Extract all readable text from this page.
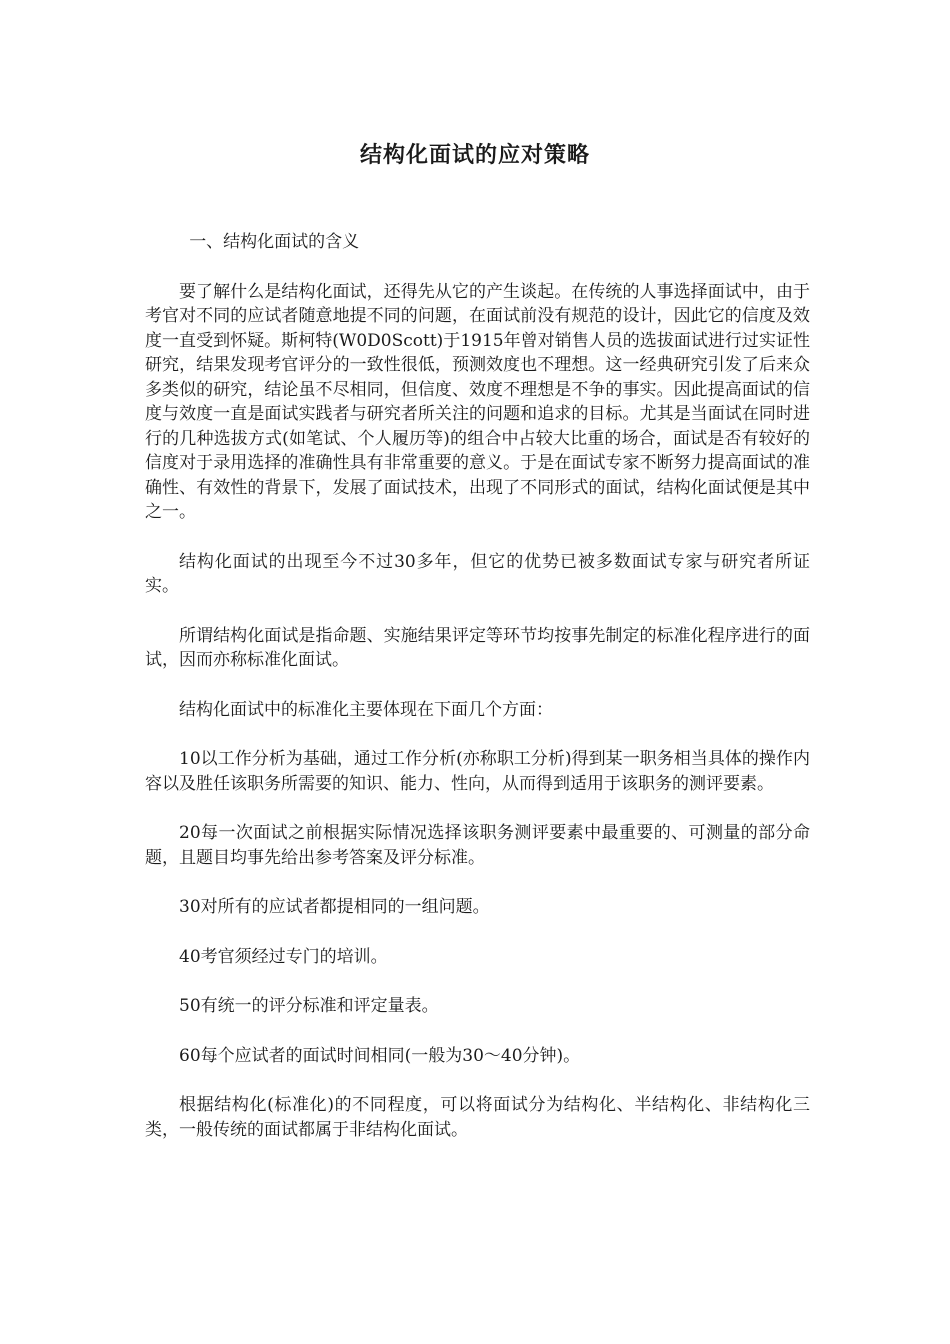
结构化面试的应对策略

一、结构化面试的含义

要了解什么是结构化面试，还得先从它的产生谈起。在传统的人事选择面试中，由于考官对不同的应试者随意地提不同的问题，在面试前没有规范的设计，因此它的信度及效度一直受到怀疑。斯柯特(W0D0Scott)于1915年曾对销售人员的选拔面试进行过实证性研究，结果发现考官评分的一致性很低，预测效度也不理想。这一经典研究引发了后来众多类似的研究，结论虽不尽相同，但信度、效度不理想是不争的事实。因此提高面试的信度与效度一直是面试实践者与研究者所关注的问题和追求的目标。尤其是当面试在同时进行的几种选拔方式(如笔试、个人履历等)的组合中占较大比重的场合，面试是否有较好的信度对于录用选择的准确性具有非常重要的意义。于是在面试专家不断努力提高面试的准确性、有效性的背景下，发展了面试技术，出现了不同形式的面试，结构化面试便是其中之一。

结构化面试的出现至今不过30多年，但它的优势已被多数面试专家与研究者所证实。

所谓结构化面试是指命题、实施结果评定等环节均按事先制定的标准化程序进行的面试，因而亦称标准化面试。

结构化面试中的标准化主要体现在下面几个方面：

10以工作分析为基础，通过工作分析(亦称职工分析)得到某一职务相当具体的操作内容以及胜任该职务所需要的知识、能力、性向，从而得到适用于该职务的测评要素。

20每一次面试之前根据实际情况选择该职务测评要素中最重要的、可测量的部分命题，且题目均事先给出参考答案及评分标准。

30对所有的应试者都提相同的一组问题。

40考官须经过专门的培训。

50有统一的评分标准和评定量表。

60每个应试者的面试时间相同(一般为30～40分钟)。

根据结构化(标准化)的不同程度，可以将面试分为结构化、半结构化、非结构化三类，一般传统的面试都属于非结构化面试。
